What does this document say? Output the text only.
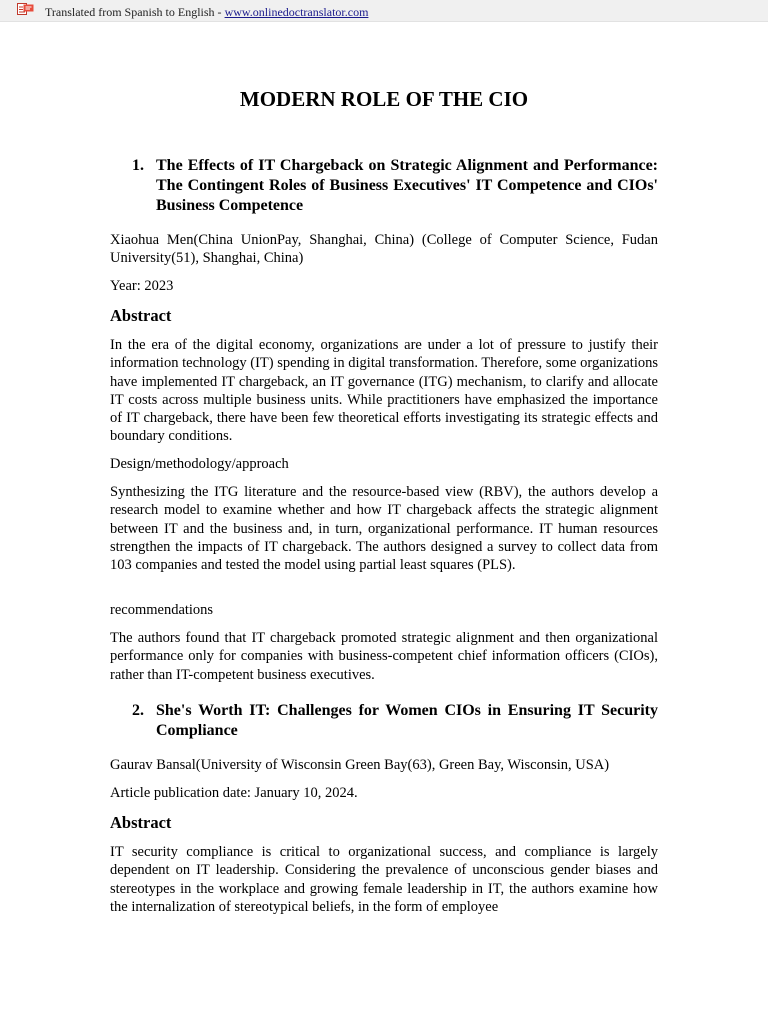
Translated from Spanish to English - www.onlinedoctranslator.com
MODERN ROLE OF THE CIO
1. The Effects of IT Chargeback on Strategic Alignment and Performance: The Contingent Roles of Business Executives' IT Competence and CIOs' Business Competence

Xiaohua Men(China UnionPay, Shanghai, China) (College of Computer Science, Fudan University(51), Shanghai, China)

Year: 2023

Abstract

In the era of the digital economy, organizations are under a lot of pressure to justify their information technology (IT) spending in digital transformation. Therefore, some organizations have implemented IT chargeback, an IT governance (ITG) mechanism, to clarify and allocate IT costs across multiple business units. While practitioners have emphasized the importance of IT chargeback, there have been few theoretical efforts investigating its strategic effects and boundary conditions.

Design/methodology/approach

Synthesizing the ITG literature and the resource-based view (RBV), the authors develop a research model to examine whether and how IT chargeback affects the strategic alignment between IT and the business and, in turn, organizational performance. IT human resources strengthen the impacts of IT chargeback. The authors designed a survey to collect data from 103 companies and tested the model using partial least squares (PLS).

recommendations

The authors found that IT chargeback promoted strategic alignment and then organizational performance only for companies with business-competent chief information officers (CIOs), rather than IT-competent business executives.

2. She's Worth IT: Challenges for Women CIOs in Ensuring IT Security Compliance

Gaurav Bansal(University of Wisconsin Green Bay(63), Green Bay, Wisconsin, USA)

Article publication date: January 10, 2024.

Abstract

IT security compliance is critical to organizational success, and compliance is largely dependent on IT leadership. Considering the prevalence of unconscious gender biases and stereotypes in the workplace and growing female leadership in IT, the authors examine how the internalization of stereotypical beliefs, in the form of employee
